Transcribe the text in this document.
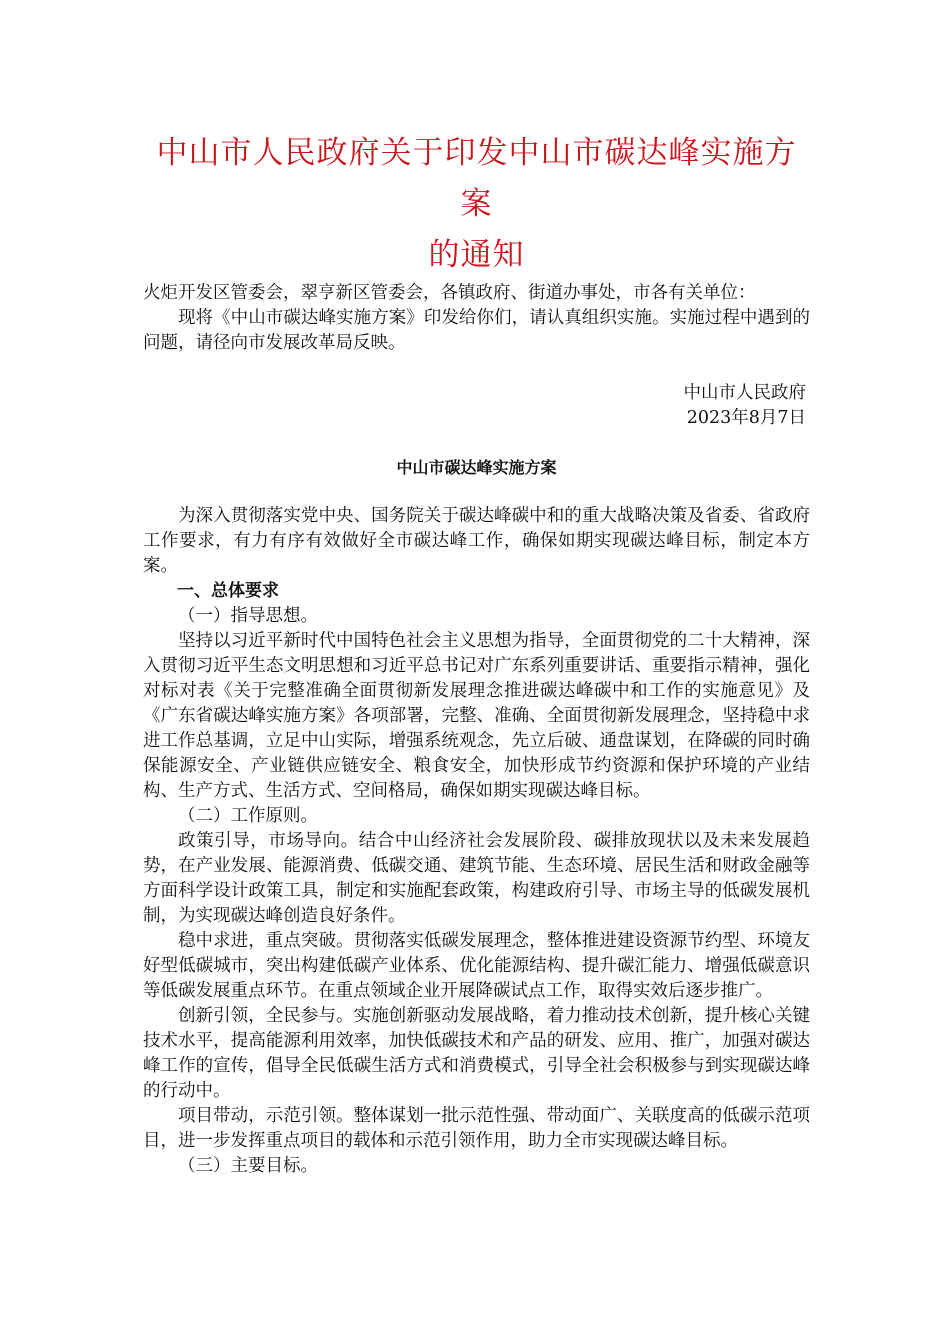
中山市人民政府关于印发中山市碳达峰实施方案
的通知

火炬开发区管委会，翠亨新区管委会，各镇政府、街道办事处，市各有关单位：

现将《中山市碳达峰实施方案》印发给你们，请认真组织实施。实施过程中遇到的问题，请径向市发展改革局反映。

中山市人民政府

2023年8月7日

中山市碳达峰实施方案

为深入贯彻落实党中央、国务院关于碳达峰碳中和的重大战略决策及省委、省政府工作要求，有力有序有效做好全市碳达峰工作，确保如期实现碳达峰目标，制定本方案。

一、总体要求

（一）指导思想。

坚持以习近平新时代中国特色社会主义思想为指导，全面贯彻党的二十大精神，深入贯彻习近平生态文明思想和习近平总书记对广东系列重要讲话、重要指示精神，强化对标对表《关于完整准确全面贯彻新发展理念推进碳达峰碳中和工作的实施意见》及《广东省碳达峰实施方案》各项部署，完整、准确、全面贯彻新发展理念，坚持稳中求进工作总基调，立足中山实际，增强系统观念，先立后破、通盘谋划，在降碳的同时确保能源安全、产业链供应链安全、粮食安全，加快形成节约资源和保护环境的产业结构、生产方式、生活方式、空间格局，确保如期实现碳达峰目标。

（二）工作原则。

政策引导，市场导向。结合中山经济社会发展阶段、碳排放现状以及未来发展趋势，在产业发展、能源消费、低碳交通、建筑节能、生态环境、居民生活和财政金融等方面科学设计政策工具，制定和实施配套政策，构建政府引导、市场主导的低碳发展机制，为实现碳达峰创造良好条件。

稳中求进，重点突破。贯彻落实低碳发展理念，整体推进建设资源节约型、环境友好型低碳城市，突出构建低碳产业体系、优化能源结构、提升碳汇能力、增强低碳意识等低碳发展重点环节。在重点领域企业开展降碳试点工作，取得实效后逐步推广。

创新引领，全民参与。实施创新驱动发展战略，着力推动技术创新，提升核心关键技术水平，提高能源利用效率，加快低碳技术和产品的研发、应用、推广，加强对碳达峰工作的宣传，倡导全民低碳生活方式和消费模式，引导全社会积极参与到实现碳达峰的行动中。

项目带动，示范引领。整体谋划一批示范性强、带动面广、关联度高的低碳示范项目，进一步发挥重点项目的载体和示范引领作用，助力全市实现碳达峰目标。

（三）主要目标。
